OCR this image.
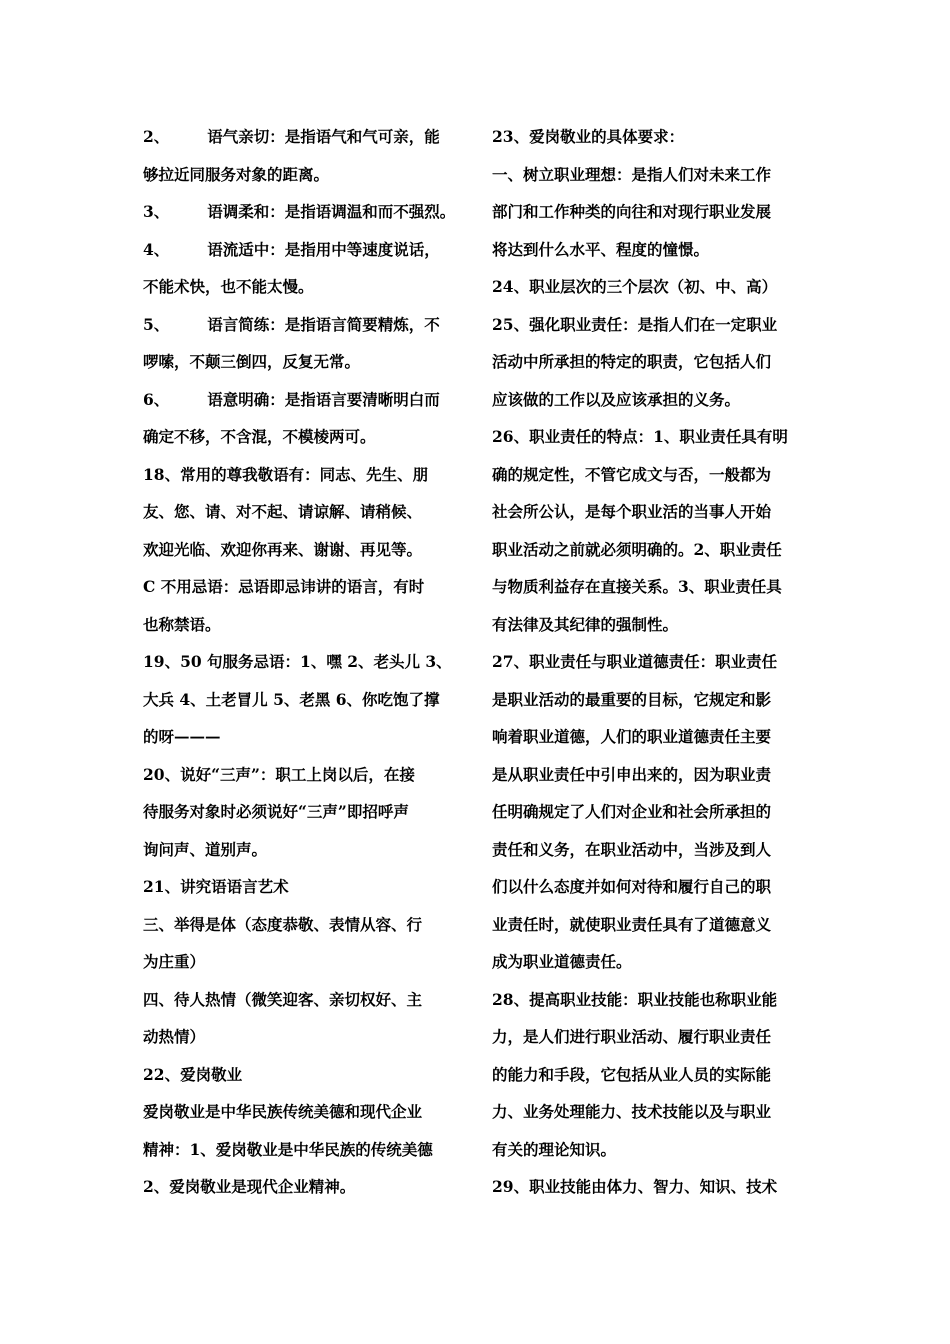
2、 语气亲切：是指语气和气可亲，能
够拉近同服务对象的距离。
3、 语调柔和：是指语调温和而不强烈。
4、 语流适中：是指用中等速度说话，
不能术快，也不能太慢。
5、 语言简练：是指语言简要精炼，不
啰嗦，不颠三倒四，反复无常。
6、 语意明确：是指语言要清晰明白而
确定不移，不含混，不模棱两可。
18、常用的尊我敬语有：同志、先生、朋
友、您、请、对不起、请谅解、请稍候、
欢迎光临、欢迎你再来、谢谢、再见等。
C 不用忌语：忌语即忌讳讲的语言，有时
也称禁语。
19、50 句服务忌语：1、嘿 2、老头儿 3、
大兵 4、土老冒儿 5、老黑 6、你吃饱了撑
的呀———
20、说好“三声”：职工上岗以后，在接
待服务对象时必须说好“三声”即招呼声
询问声、道别声。
21、讲究语语言艺术
三、举得是体（态度恭敬、表情从容、行
为庄重）
四、待人热情（微笑迎客、亲切权好、主
动热情）
22、爱岗敬业
爱岗敬业是中华民族传统美德和现代企业
精神：1、爱岗敬业是中华民族的传统美德
2、爱岗敬业是现代企业精神。
23、爱岗敬业的具体要求：
一、树立职业理想：是指人们对未来工作
部门和工作种类的向往和对现行职业发展
将达到什么水平、程度的憧憬。
24、职业层次的三个层次（初、中、高）
25、强化职业责任：是指人们在一定职业
活动中所承担的特定的职责，它包括人们
应该做的工作以及应该承担的义务。
26、职业责任的特点：1、职业责任具有明
确的规定性，不管它成文与否，一般都为
社会所公认，是每个职业活的当事人开始
职业活动之前就必须明确的。2、职业责任
与物质利益存在直接关系。3、职业责任具
有法律及其纪律的强制性。
27、职业责任与职业道德责任：职业责任
是职业活动的最重要的目标，它规定和影
响着职业道德，人们的职业道德责任主要
是从职业责任中引申出来的，因为职业责
任明确规定了人们对企业和社会所承担的
责任和义务，在职业活动中，当涉及到人
们以什么态度并如何对待和履行自己的职
业责任时，就使职业责任具有了道德意义
成为职业道德责任。
28、提高职业技能：职业技能也称职业能
力，是人们进行职业活动、履行职业责任
的能力和手段，它包括从业人员的实际能
力、业务处理能力、技术技能以及与职业
有关的理论知识。
29、职业技能由体力、智力、知识、技术
